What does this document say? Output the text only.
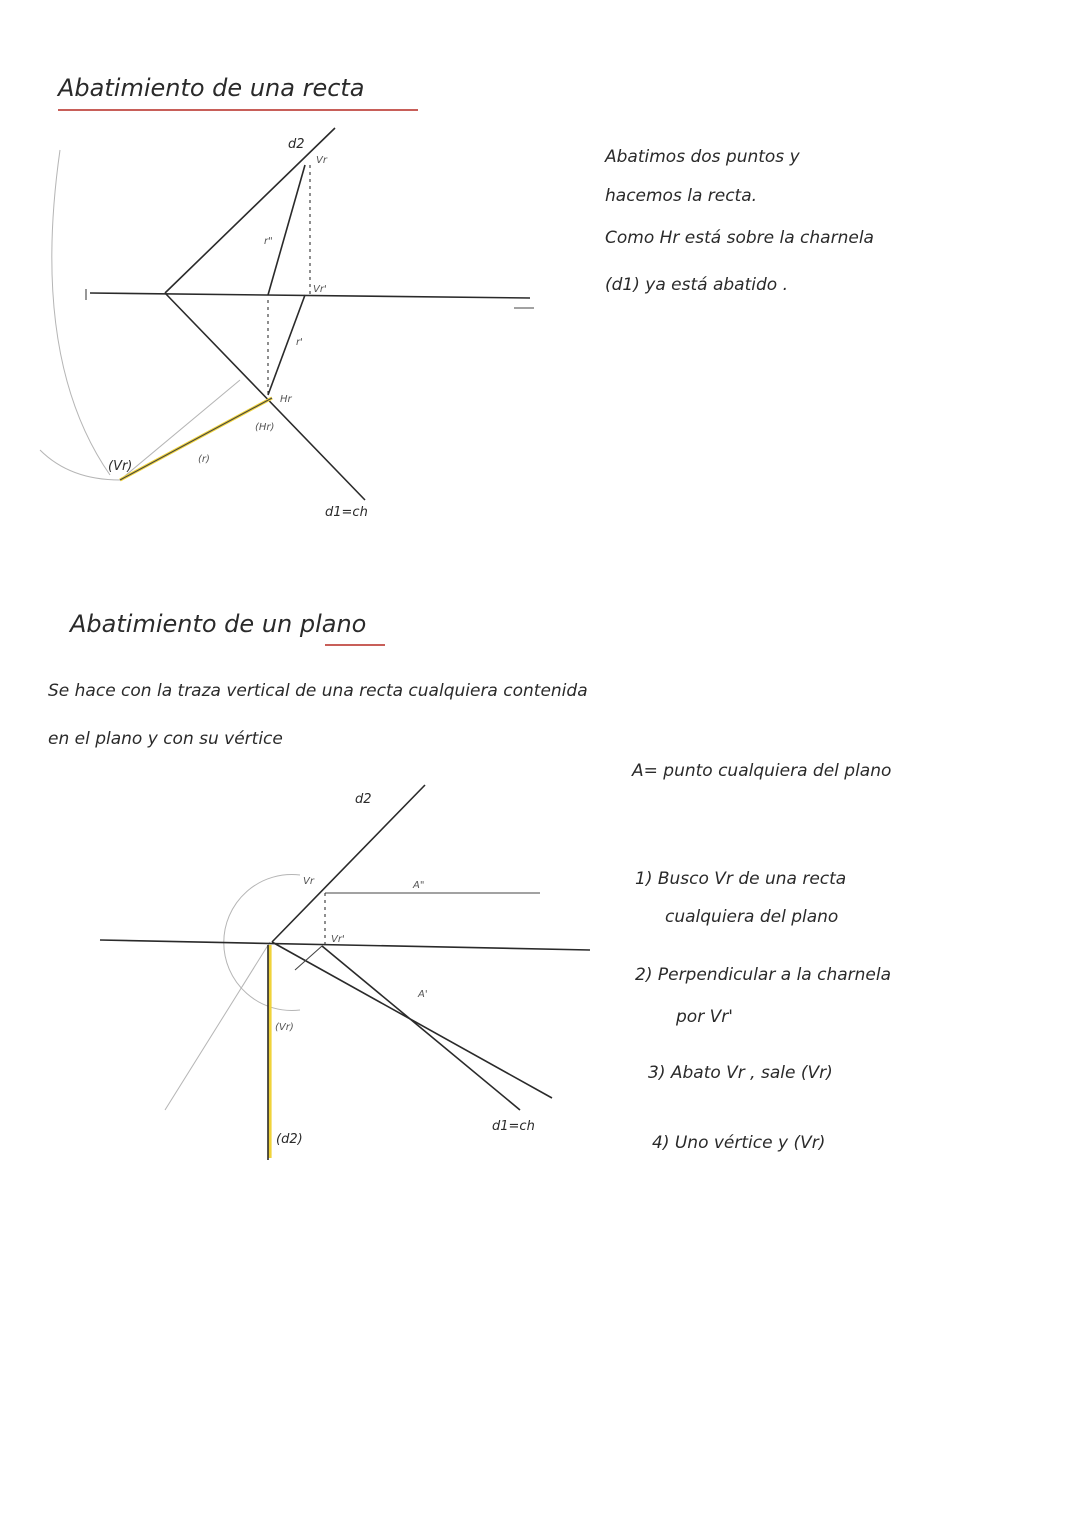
Abatimiento de una recta
d2
Vr
r"
Vr'
r'
Hr
(Hr)
(r)
(Vr)
d1=ch
Abatimos dos puntos y
hacemos la recta.
Como Hr está sobre la charnela
(d1) ya está abatido .
Abatimiento de un plano
Se hace con la traza vertical de una recta cualquiera contenida
en el plano y con su vértice
A= punto cualquiera del plano
Vr
d2
A"
Vr'
A'
(Vr)
(d2)
d1=ch
1) Busco Vr de una recta
cualquiera del plano
2) Perpendicular a la charnela
por Vr'
3) Abato Vr , sale (Vr)
4) Uno vértice y (Vr)
